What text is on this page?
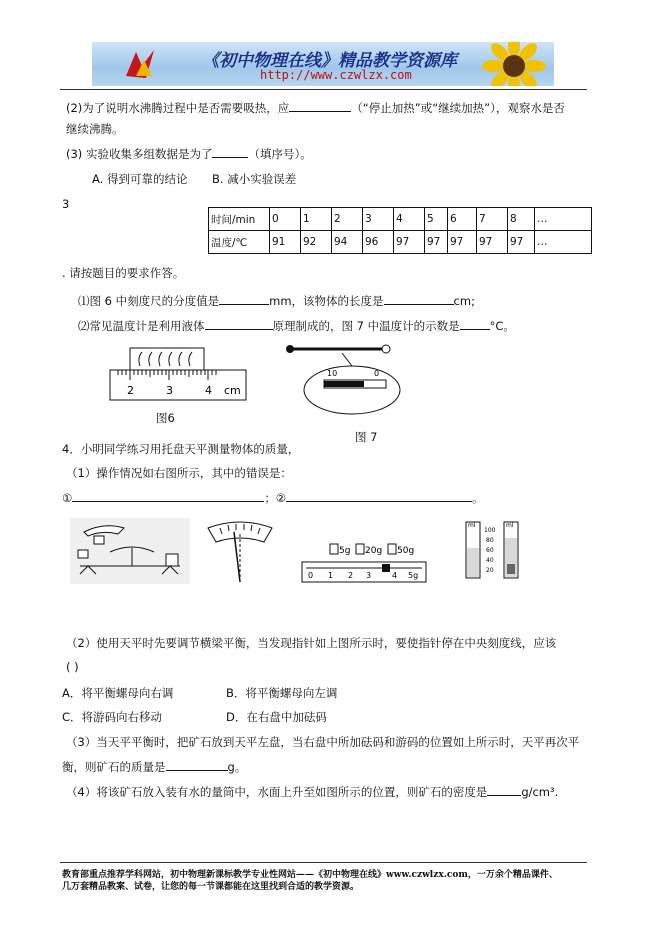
《初中物理在线》精品教学资源库
http://www.czwlzx.com
(2)为了说明水沸腾过程中是否需要吸热，应	（“停止加热”或“继续加热”），观察水是否
继续沸腾。
(3) 实验收集多组数据是为了	（填序号）。
A. 得到可靠的结论 B. 减小实验误差
3
时间/min	0	1	2	3	4	5	6	7	8	…
温度/℃	91	92	94	96	97	97	97	97	97	…
. 请按题目的要求作答。
⑴图 6 中刻度尺的分度值是	mm，该物体的长度是	cm;
⑵常见温度计是利用液体	原理制成的，图 7 中温度计的示数是	°C。
2	3	4 cm
图6
10	0
图 7
4．小明同学练习用托盘天平测量物体的质量，
（1）操作情况如右图所示，其中的错误是：
①	；②	。
5g 20g 50g
0 1 2 3	4 5g
ml	ml
100
80
60
40
20
（2）使用天平时先要调节横梁平衡，当发现指针如上图所示时，要使指针停在中央刻度线，应该
( )
A．将平衡螺母向右调	B．将平衡螺母向左调
C．将游码向右移动	D．在右盘中加砝码
（3）当天平平衡时，把矿石放到天平左盘，当右盘中所加砝码和游码的位置如上所示时，天平再次平
衡，则矿石的质量是	g。
（4）将该矿石放入装有水的量筒中，水面上升至如图所示的位置，则矿石的密度是	g/cm³.
教育部重点推荐学科网站，初中物理新课标教学专业性网站——《初中物理在线》www.czwlzx.com，一万余个精品课件、
几万套精品教案、试卷，让您的每一节课都能在这里找到合适的教学资源。
